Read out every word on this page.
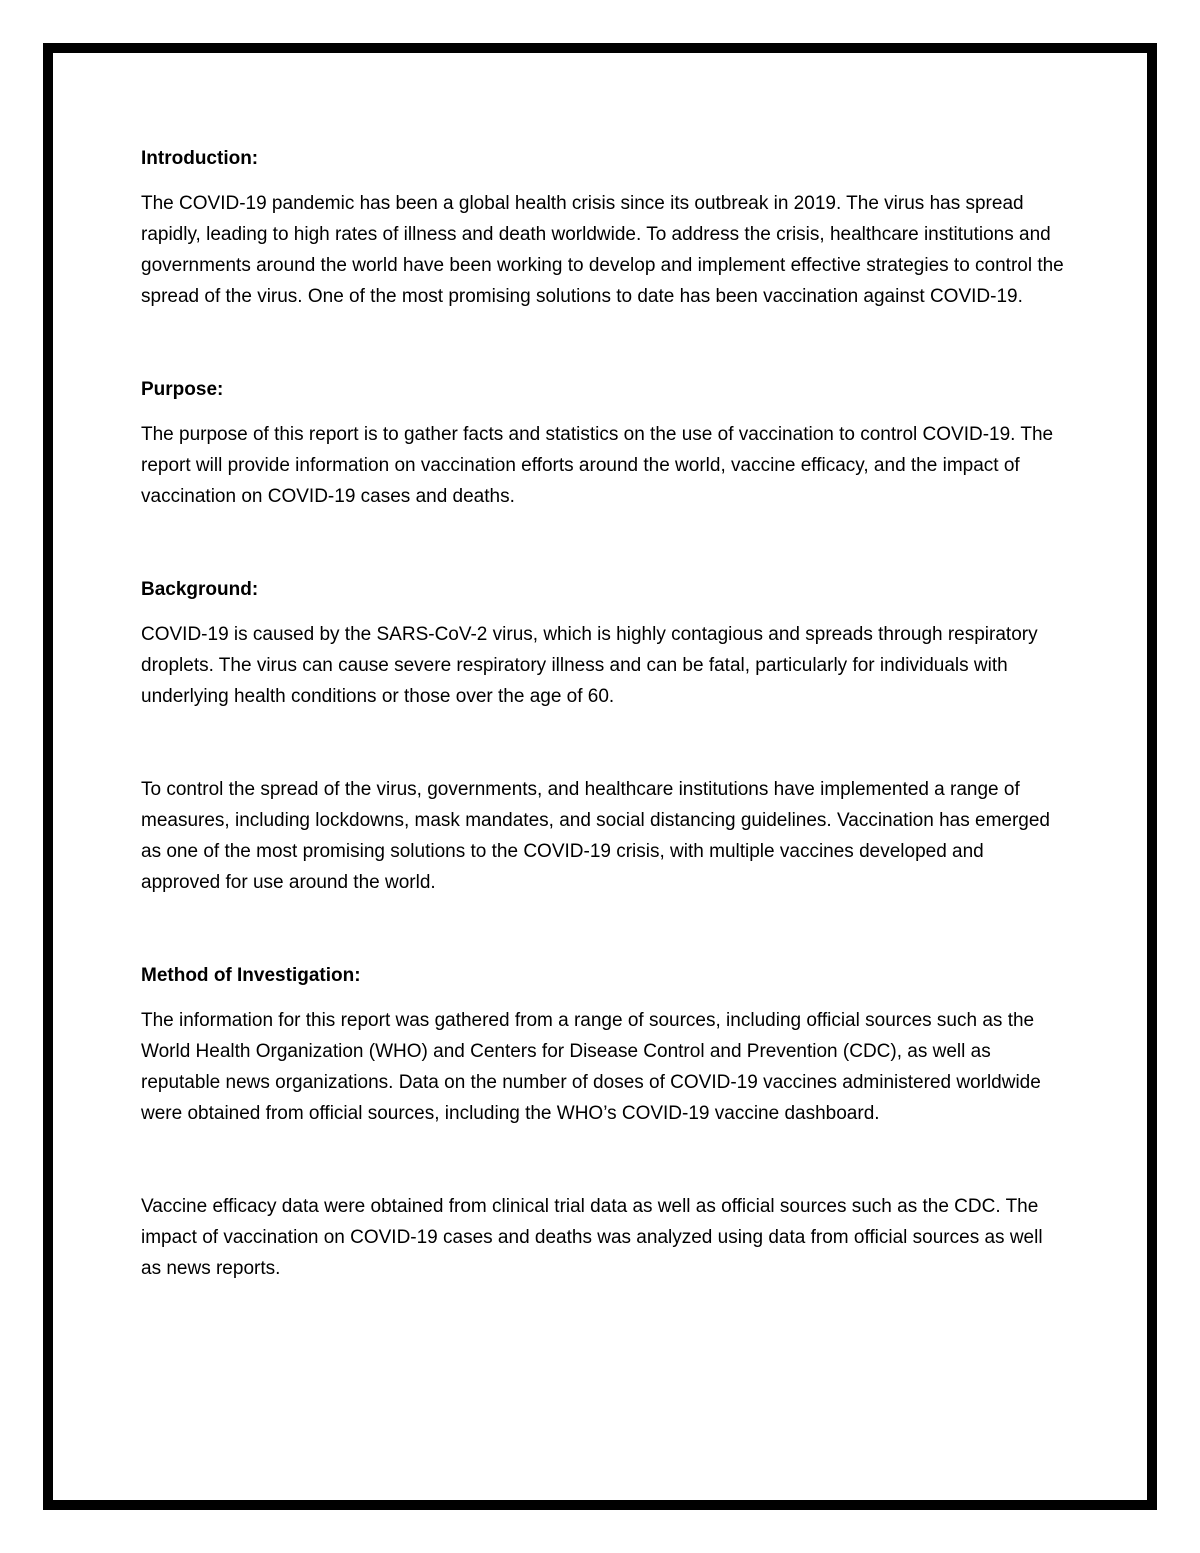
Introduction:

The COVID-19 pandemic has been a global health crisis since its outbreak in 2019. The virus has spread rapidly, leading to high rates of illness and death worldwide. To address the crisis, healthcare institutions and governments around the world have been working to develop and implement effective strategies to control the spread of the virus. One of the most promising solutions to date has been vaccination against COVID-19.

Purpose:

The purpose of this report is to gather facts and statistics on the use of vaccination to control COVID-19. The report will provide information on vaccination efforts around the world, vaccine efficacy, and the impact of vaccination on COVID-19 cases and deaths.

Background:

COVID-19 is caused by the SARS-CoV-2 virus, which is highly contagious and spreads through respiratory droplets. The virus can cause severe respiratory illness and can be fatal, particularly for individuals with underlying health conditions or those over the age of 60.

To control the spread of the virus, governments, and healthcare institutions have implemented a range of measures, including lockdowns, mask mandates, and social distancing guidelines. Vaccination has emerged as one of the most promising solutions to the COVID-19 crisis, with multiple vaccines developed and approved for use around the world.

Method of Investigation:

The information for this report was gathered from a range of sources, including official sources such as the World Health Organization (WHO) and Centers for Disease Control and Prevention (CDC), as well as reputable news organizations. Data on the number of doses of COVID-19 vaccines administered worldwide were obtained from official sources, including the WHO’s COVID-19 vaccine dashboard.

Vaccine efficacy data were obtained from clinical trial data as well as official sources such as the CDC. The impact of vaccination on COVID-19 cases and deaths was analyzed using data from official sources as well as news reports.
